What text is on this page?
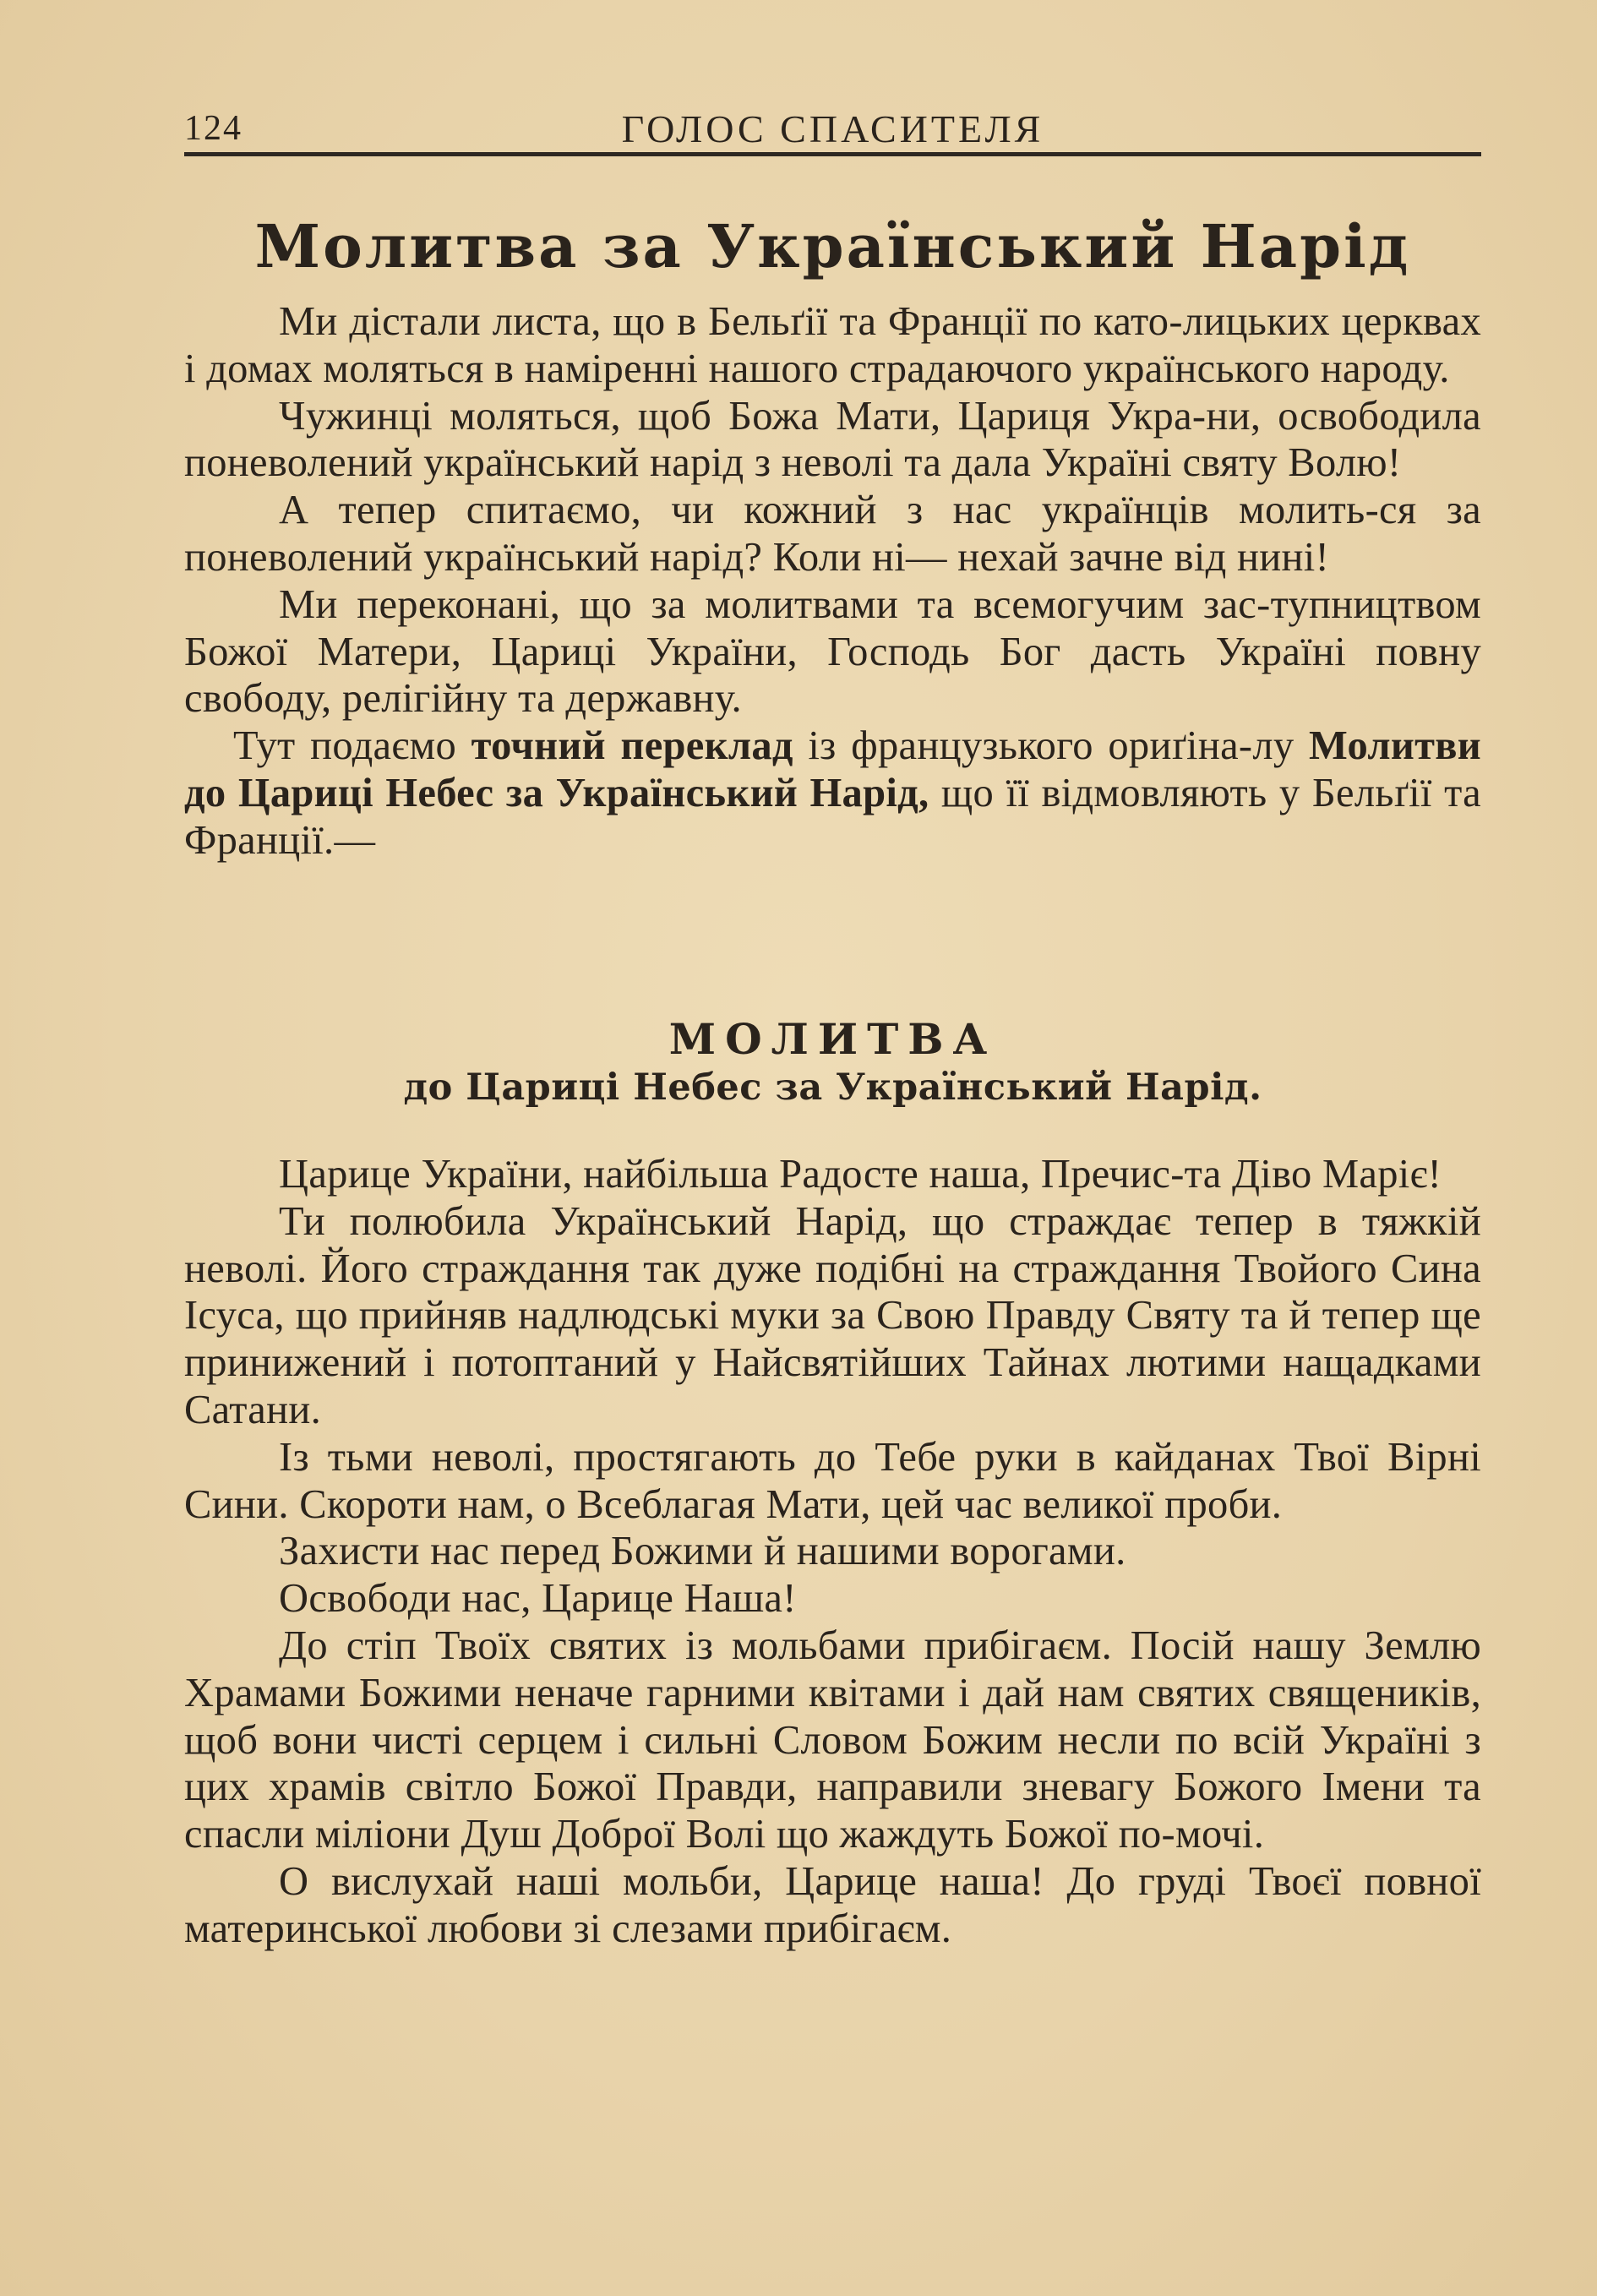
124	ГОЛОС СПАСИТЕЛЯ
Молитва за Український Нарід

Ми дістали листа, що в Бельґії та Франції по като-лицьких церквах і домах моляться в наміренні нашого страдаючого українського народу.

Чужинці моляться, щоб Божа Мати, Цариця Укра-ни, освободила поневолений український нарід з неволі та дала Україні святу Волю!

А тепер спитаємо, чи кожний з нас українців молить-ся за поневолений український нарід? Коли ні— нехай зачне від нині!

Ми переконані, що за молитвами та всемогучим зас-тупництвом Божої Матери, Цариці України, Господь Бог дасть Україні повну свободу, релігійну та державну.

Тут подаємо точний переклад із французького ориґіна-лу Молитви до Цариці Небес за Український Нарід, що її відмовляють у Бельґії та Франції.—

МОЛИТВА
до Цариці Небес за Український Нарід.

Царице України, найбільша Радосте наша, Пречис-та Діво Маріє!

Ти полюбила Український Нарід, що страждає тепер в тяжкій неволі. Його страждання так дуже подібні на страждання Твойого Сина Ісуса, що прийняв надлюдські муки за Свою Правду Святу та й тепер ще принижений і потоптаний у Найсвятійших Тайнах лютими нащадками Сатани.

Із тьми неволі, простягають до Тебе руки в кайданах Твої Вірні Сини. Скороти нам, о Всеблагая Мати, цей час великої проби.

Захисти нас перед Божими й нашими ворогами.

Освободи нас, Царице Наша!

До стіп Твоїх святих із мольбами прибігаєм. Посій нашу Землю Храмами Божими неначе гарними квітами і дай нам святих священиків, щоб вони чисті серцем і сильні Словом Божим несли по всій Україні з цих храмів світло Божої Правди, направили зневагу Божого Імени та спасли міліони Душ Доброї Волі що жаждуть Божої по-мочі.

О вислухай наші мольби, Царице наша! До груді Твоєї повної материнської любови зі слезами прибігаєм.
